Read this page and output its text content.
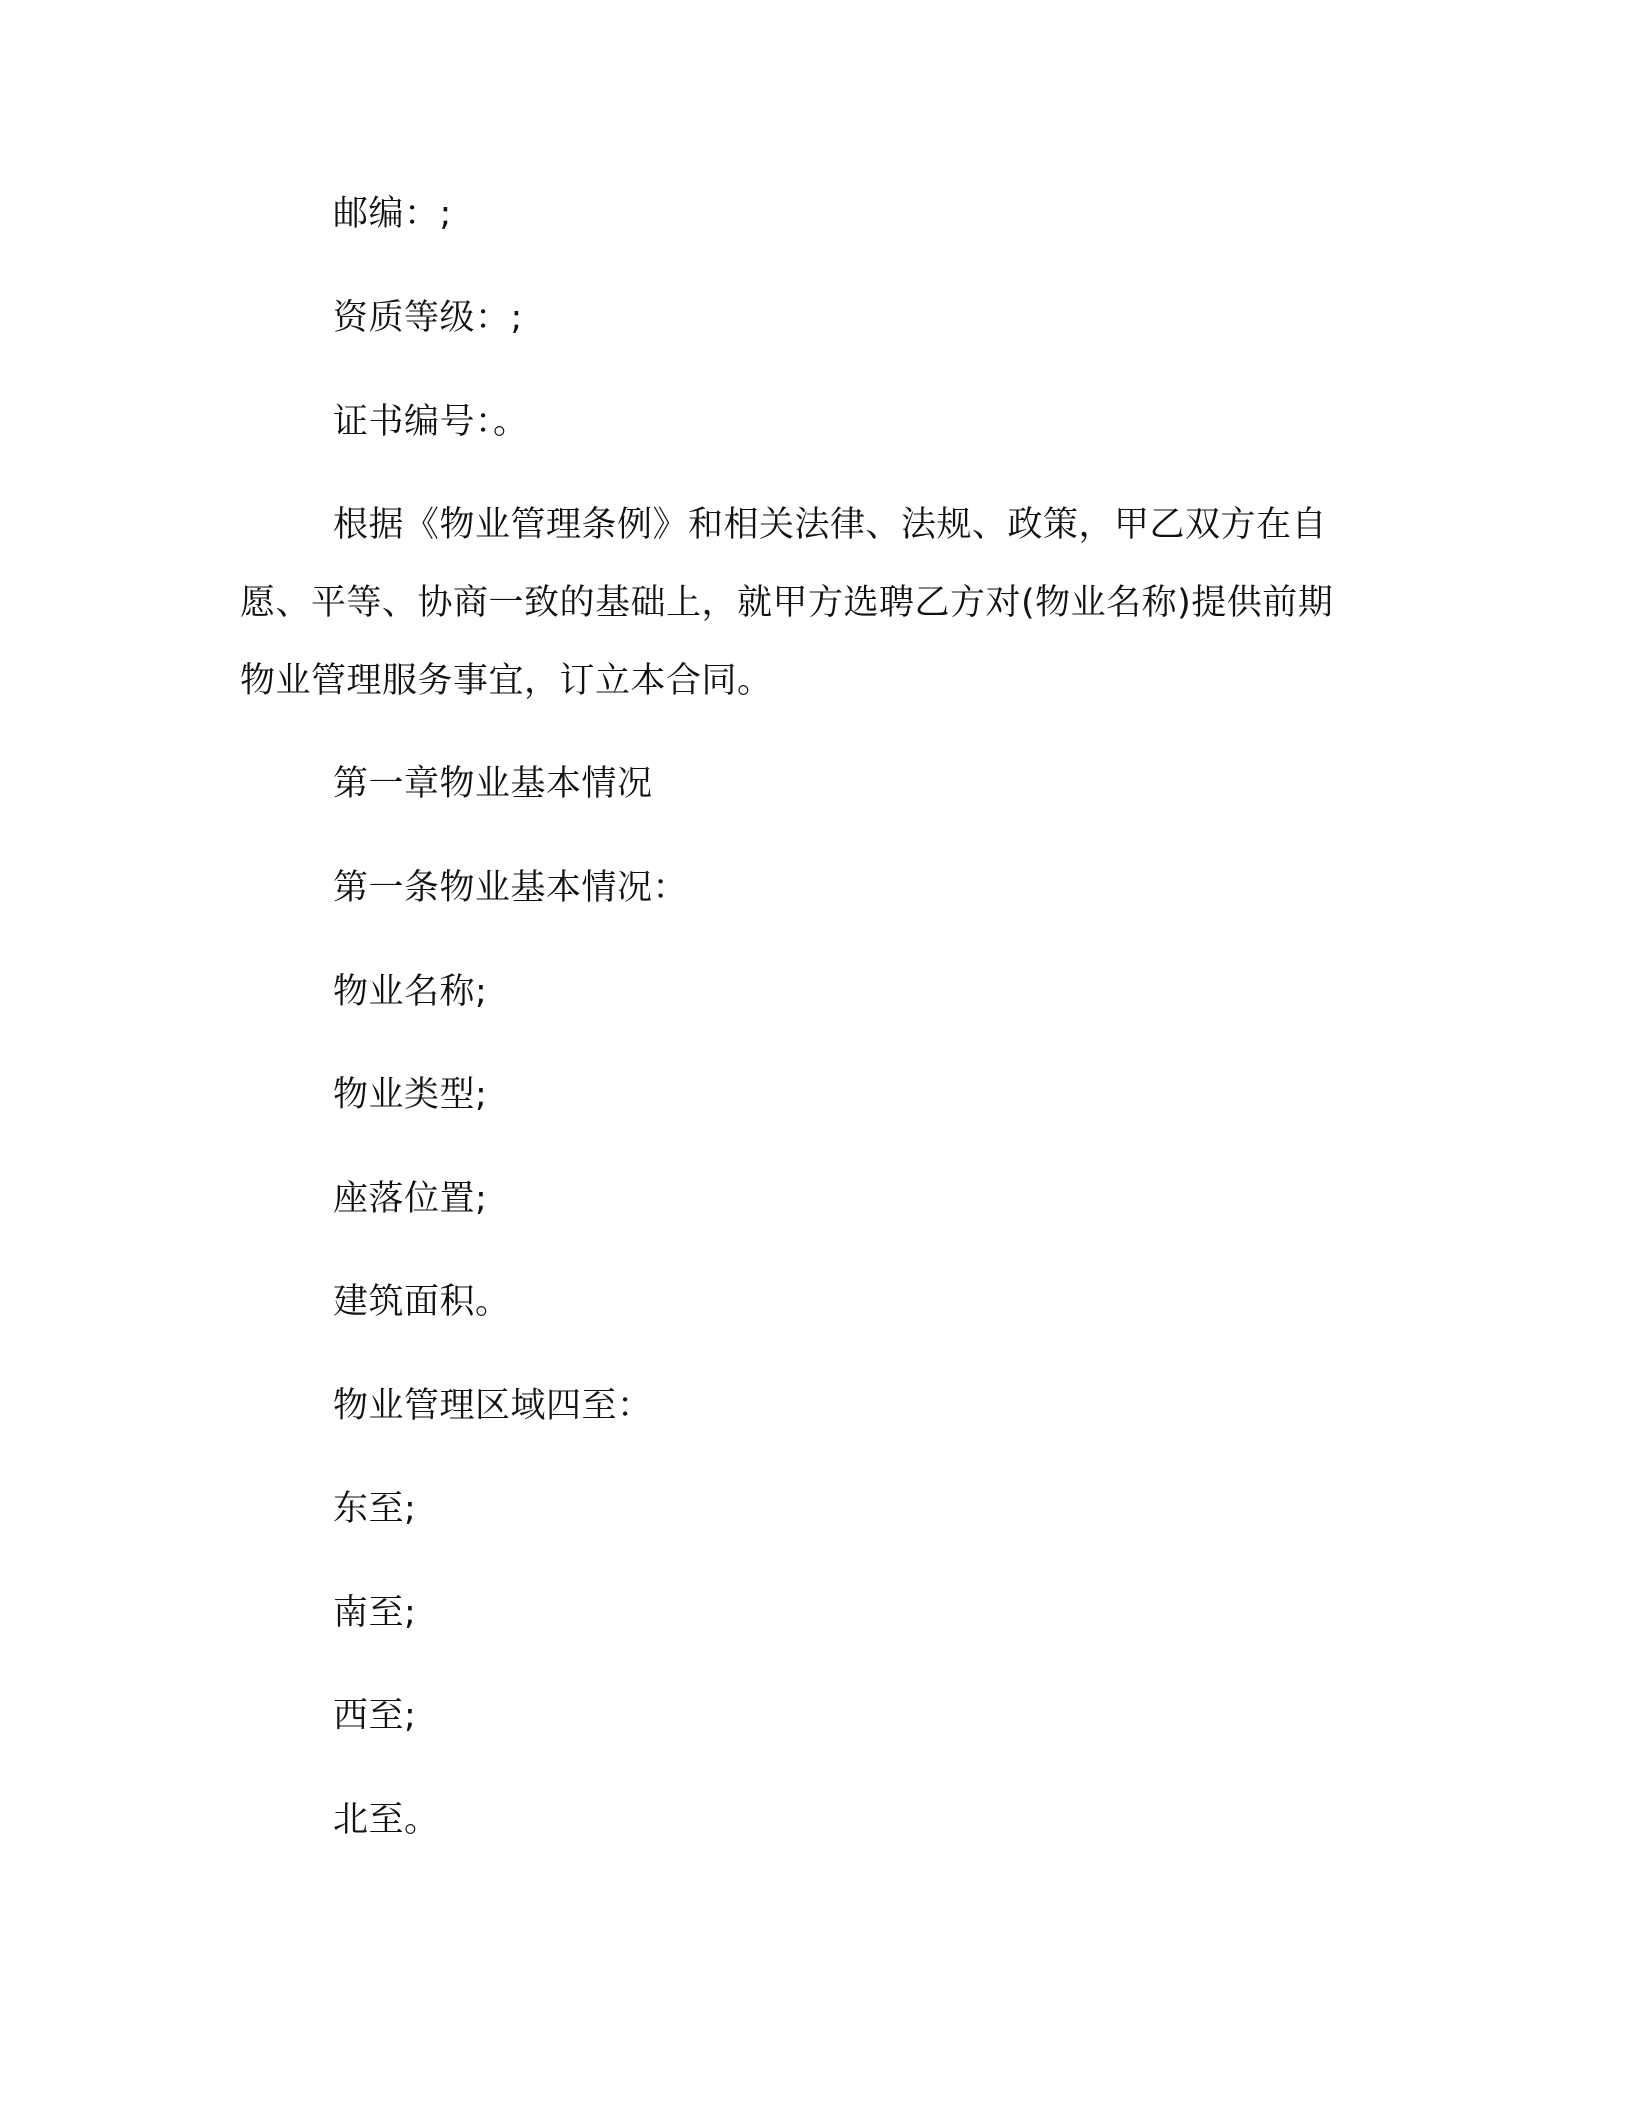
邮编：;
资质等级：;
证书编号：。
根据《物业管理条例》和相关法律、法规、政策，甲乙双方在自
愿、平等、协商一致的基础上，就甲方选聘乙方对(物业名称)提供前期
物业管理服务事宜，订立本合同。
第一章物业基本情况
第一条物业基本情况：
物业名称;
物业类型;
座落位置;
建筑面积。
物业管理区域四至：
东至;
南至;
西至;
北至。
